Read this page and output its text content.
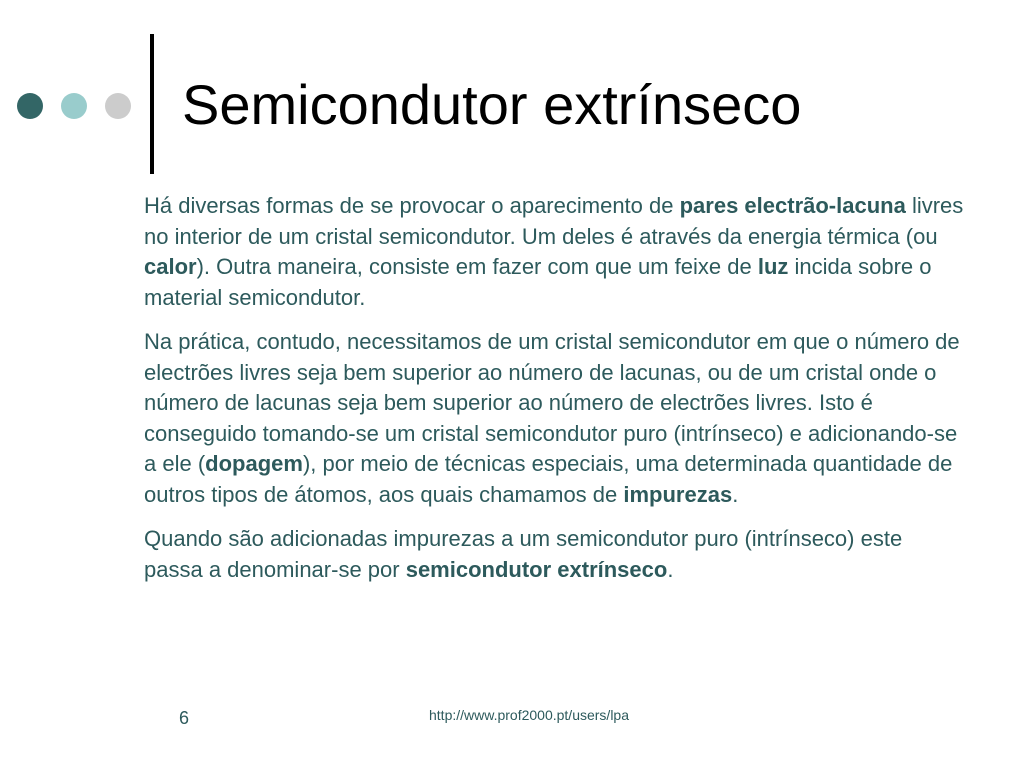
Semicondutor extrínseco

Há diversas formas de se provocar o aparecimento de pares electrão-lacuna livres no interior de um cristal semicondutor. Um deles é através da energia térmica (ou calor). Outra maneira, consiste em fazer com que um feixe de luz incida sobre o material semicondutor.

Na prática, contudo, necessitamos de um cristal semicondutor em que o número de electrões livres seja bem superior ao número de lacunas, ou de um cristal onde o número de lacunas seja bem superior ao número de electrões livres. Isto é conseguido tomando-se um cristal semicondutor puro (intrínseco) e adicionando-se a ele (dopagem), por meio de técnicas especiais, uma determinada quantidade de outros tipos de átomos, aos quais chamamos de impurezas.

Quando são adicionadas impurezas a um semicondutor puro (intrínseco) este passa a denominar-se por semicondutor extrínseco.

6	http://www.prof2000.pt/users/lpa
